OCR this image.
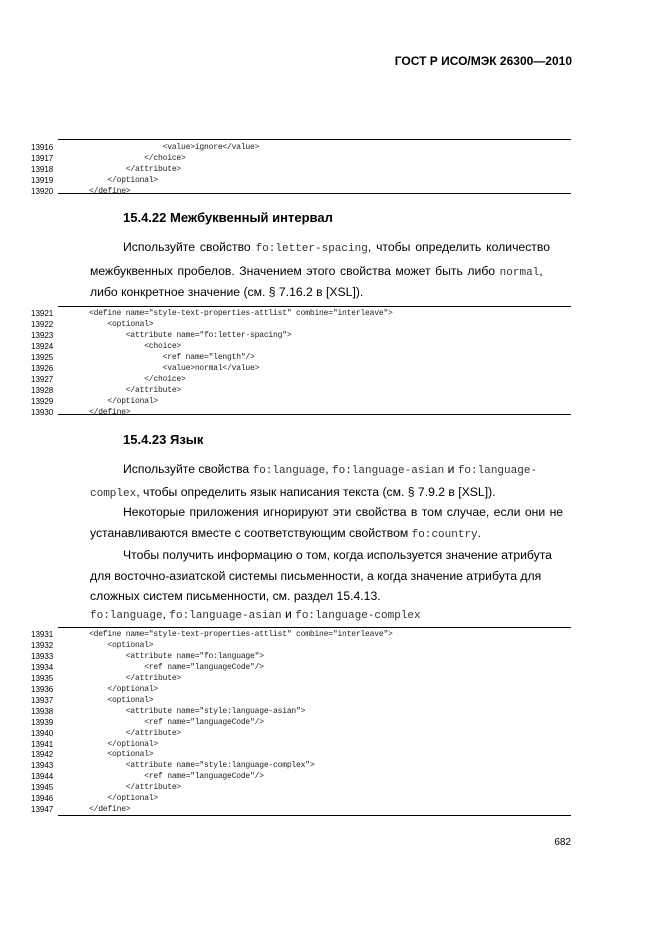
ГОСТ Р ИСО/МЭК 26300—2010
13916	<value>ignore</value>
13917	</choice>
13918	</attribute>
13919	</optional>
13920	</define>
15.4.22 Межбуквенный интервал
Используйте свойство fo:letter-spacing, чтобы определить количество
межбуквенных пробелов. Значением этого свойства может быть либо normal,
либо конкретное значение (см. § 7.16.2 в [XSL]).
13921	<define name="style-text-properties-attlist" combine="interleave">
13922	<optional>
13923	<attribute name="fo:letter-spacing">
13924	<choice>
13925	<ref name="length"/>
13926	<value>normal</value>
13927	</choice>
13928	</attribute>
13929	</optional>
13930	</define>
15.4.23 Язык
Используйте свойства fo:language, fo:language-asian и fo:language-
complex, чтобы определить язык написания текста (см. § 7.9.2 в [XSL]).
Некоторые приложения игнорируют эти свойства в том случае, если они не
устанавливаются вместе с соответствующим свойством fo:country.
Чтобы получить информацию о том, когда используется значение атрибута
для восточно-азиатской системы письменности, а когда значение атрибута для
сложных систем письменности, см. раздел 15.4.13.
fo:language, fo:language-asian и fo:language-complex
13931	<define name="style-text-properties-attlist" combine="interleave">
13932	<optional>
13933	<attribute name="fo:language">
13934	<ref name="languageCode"/>
13935	</attribute>
13936	</optional>
13937	<optional>
13938	<attribute name="style:language-asian">
13939	<ref name="languageCode"/>
13940	</attribute>
13941	</optional>
13942	<optional>
13943	<attribute name="style:language-complex">
13944	<ref name="languageCode"/>
13945	</attribute>
13946	</optional>
13947	</define>
682
